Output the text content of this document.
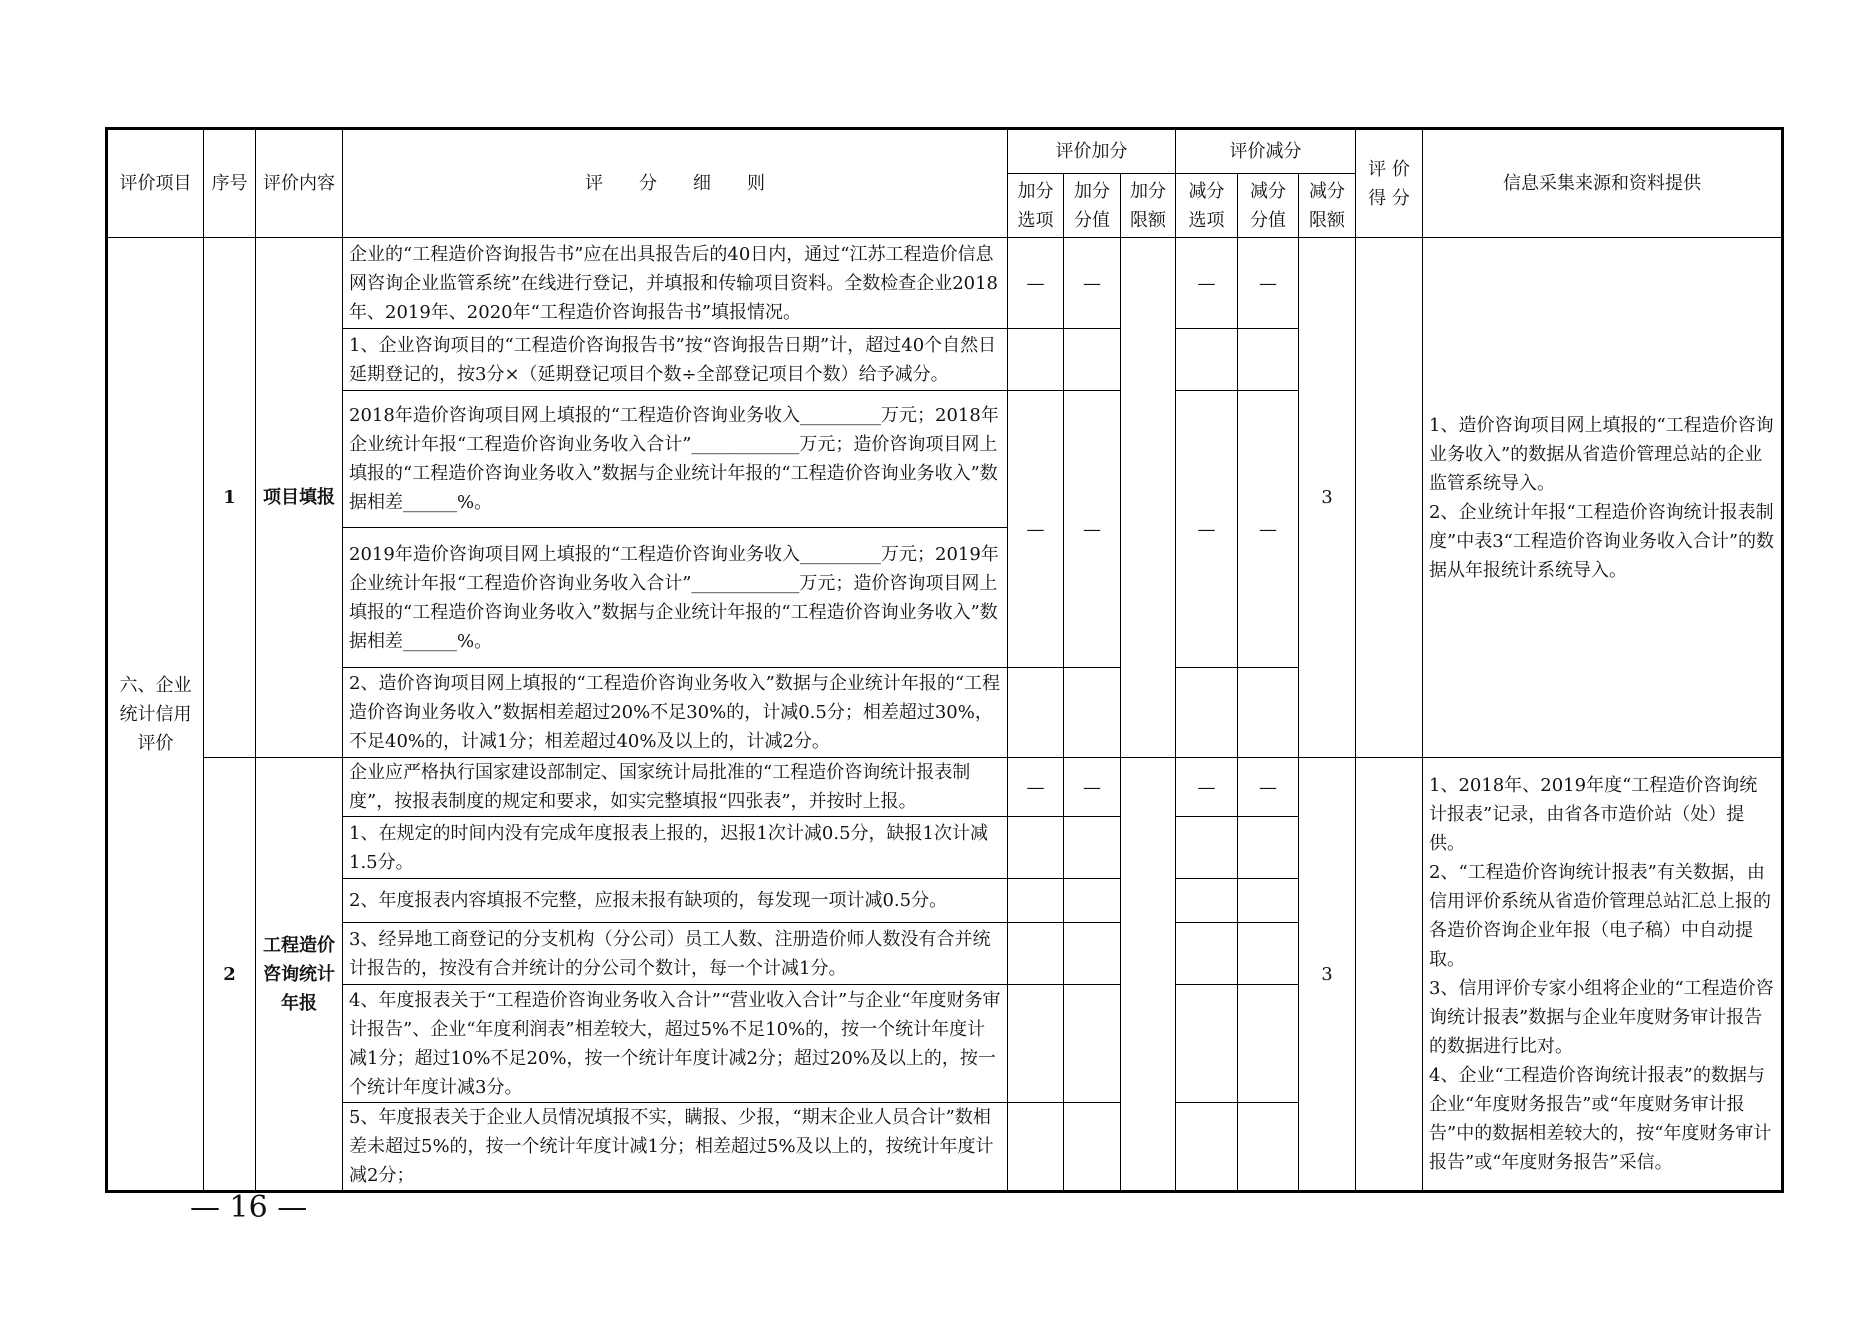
评价项目	序号	评价内容	评　　分　　细　　则	评价加分			评价减分			评 价得 分	信息采集来源和资料提供
				加分选项	加分分值	加分限额	减分选项	减分分值	减分限额		
六、企业统计信用评价	1	项目填报	企业的“工程造价咨询报告书”应在出具报告后的40日内，通过“江苏工程造价信息网咨询企业监管系统”在线进行登记，并填报和传输项目资料。全数检查企业2018年、2019年、2020年“工程造价咨询报告书”填报情况。	—	—		—	—	3		1、造价咨询项目网上填报的“工程造价咨询业务收入”的数据从省造价管理总站的企业监管系统导入。
2、企业统计年报“工程造价咨询统计报表制度”中表3“工程造价咨询业务收入合计”的数据从年报统计系统导入。

			1、企业咨询项目的“工程造价咨询报告书”按“咨询报告日期”计，超过40个自然日延期登记的，按3分×（延期登记项目个数÷全部登记项目个数）给予减分。								
			2018年造价咨询项目网上填报的“工程造价咨询业务收入_________万元；2018年企业统计年报“工程造价咨询业务收入合计”____________万元；造价咨询项目网上填报的“工程造价咨询业务收入”数据与企业统计年报的“工程造价咨询业务收入”数据相差______%。	—	—		—	—			
			2019年造价咨询项目网上填报的“工程造价咨询业务收入_________万元；2019年企业统计年报“工程造价咨询业务收入合计”____________万元；造价咨询项目网上填报的“工程造价咨询业务收入”数据与企业统计年报的“工程造价咨询业务收入”数据相差______%。								
			2、造价咨询项目网上填报的“工程造价咨询业务收入”数据与企业统计年报的“工程造价咨询业务收入”数据相差超过20%不足30%的，计减0.5分；相差超过30%，不足40%的，计减1分；相差超过40%及以上的，计减2分。								
	2	工程造价咨询统计年报	企业应严格执行国家建设部制定、国家统计局批准的“工程造价咨询统计报表制度”，按报表制度的规定和要求，如实完整填报“四张表”，并按时上报。	—	—		—	—	3		1、2018年、2019年度“工程造价咨询统计报表”记录，由省各市造价站（处）提供。
2、“工程造价咨询统计报表”有关数据，由信用评价系统从省造价管理总站汇总上报的各造价咨询企业年报（电子稿）中自动提取。
3、信用评价专家小组将企业的“工程造价咨询统计报表”数据与企业年度财务审计报告的数据进行比对。
4、企业“工程造价咨询统计报表”的数据与企业“年度财务报告”或“年度财务审计报告”中的数据相差较大的，按“年度财务审计报告”或“年度财务报告”采信。

			1、在规定的时间内没有完成年度报表上报的，迟报1次计减0.5分，缺报1次计减1.5分。								
			2、年度报表内容填报不完整，应报未报有缺项的，每发现一项计减0.5分。								
			3、经异地工商登记的分支机构（分公司）员工人数、注册造价师人数没有合并统计报告的，按没有合并统计的分公司个数计，每一个计减1分。								
			4、年度报表关于“工程造价咨询业务收入合计”“营业收入合计”与企业“年度财务审计报告”、企业“年度利润表”相差较大，超过5%不足10%的，按一个统计年度计减1分；超过10%不足20%，按一个统计年度计减2分；超过20%及以上的，按一个统计年度计减3分。								
			5、年度报表关于企业人员情况填报不实，瞒报、少报，“期末企业人员合计”数相差未超过5%的，按一个统计年度计减1分；相差超过5%及以上的，按统计年度计减2分；								
— 16 —
